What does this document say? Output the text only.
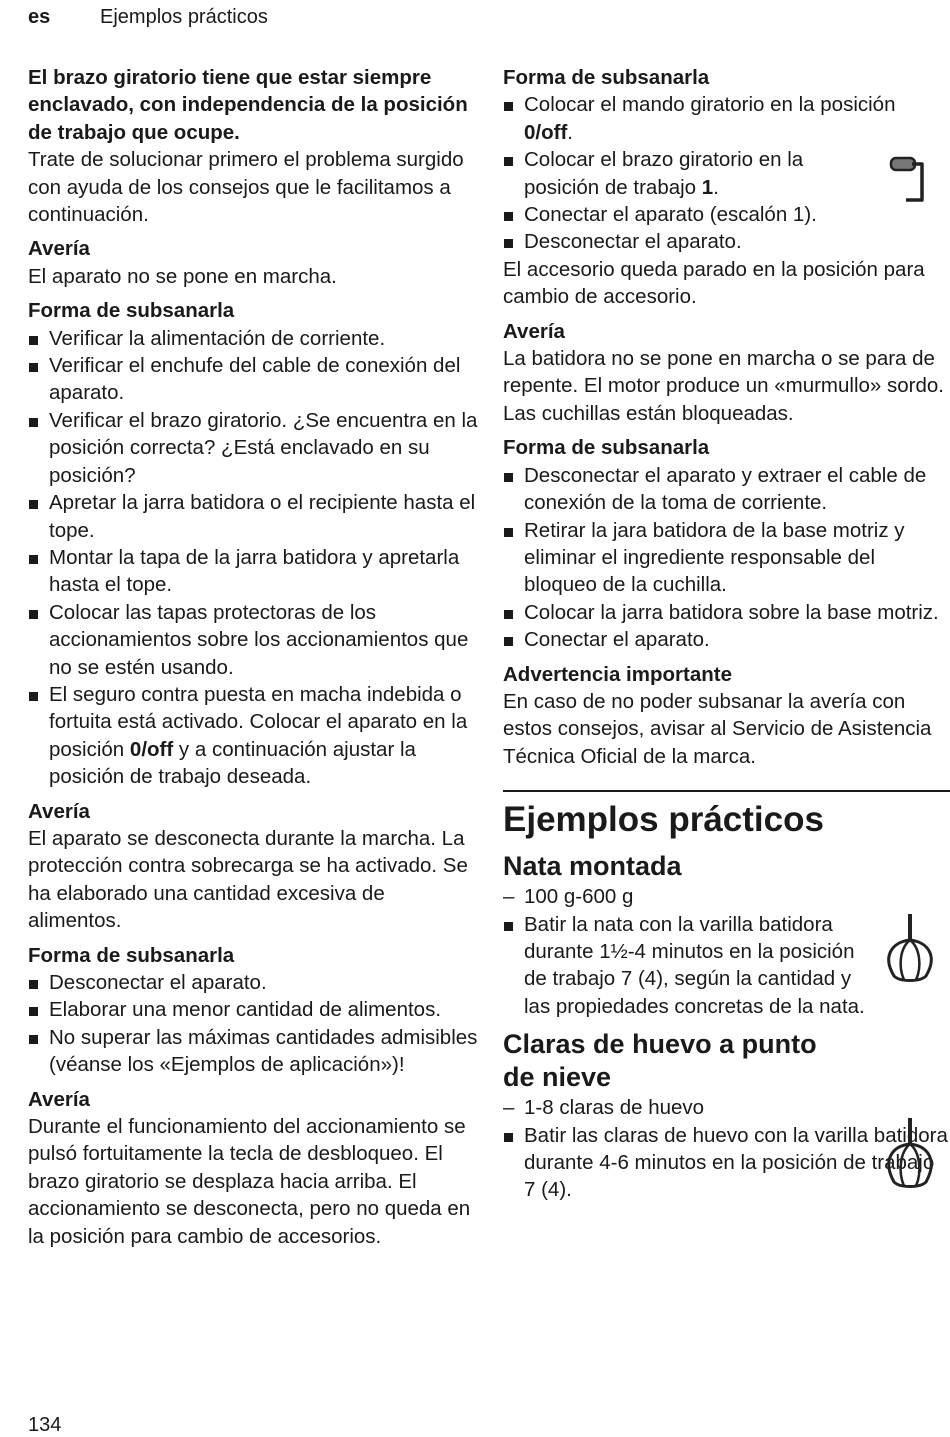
es Ejemplos prácticos

El brazo giratorio tiene que estar siempre enclavado, con independencia de la posición de trabajo que ocupe.

Trate de solucionar primero el problema surgido con ayuda de los consejos que le facilitamos a continuación.

Avería

El aparato no se pone en marcha.

Forma de subsanarla

Verificar la alimentación de corriente.
Verificar el enchufe del cable de conexión del aparato.
Verificar el brazo giratorio. ¿Se encuentra en la posición correcta? ¿Está enclavado en su posición?
Apretar la jarra batidora o el recipiente hasta el tope.
Montar la tapa de la jarra batidora y apretarla hasta el tope.
Colocar las tapas protectoras de los accionamientos sobre los accionamientos que no se estén usando.
El seguro contra puesta en macha indebida o fortuita está activado. Colocar el aparato en la posición 0/off y a continuación ajustar la posición de trabajo deseada.

Avería

El aparato se desconecta durante la marcha. La protección contra sobrecarga se ha activado. Se ha elaborado una cantidad excesiva de alimentos.

Forma de subsanarla

Desconectar el aparato.
Elaborar una menor cantidad de alimentos.
No superar las máximas cantidades admisibles (véanse los «Ejemplos de aplicación»)!

Avería

Durante el funcionamiento del accionamiento se pulsó fortuitamente la tecla de desbloqueo. El brazo giratorio se desplaza hacia arriba. El accionamiento se desconecta, pero no queda en la posición para cambio de accesorios.

Forma de subsanarla

Colocar el mando giratorio en la posición 0/off.
Colocar el brazo giratorio en la posición de trabajo 1.
Conectar el aparato (escalón 1).
Desconectar el aparato.

El accesorio queda parado en la posición para cambio de accesorio.

Avería

La batidora no se pone en marcha o se para de repente. El motor produce un «murmullo» sordo. Las cuchillas están bloqueadas.

Forma de subsanarla

Desconectar el aparato y extraer el cable de conexión de la toma de corriente.
Retirar la jara batidora de la base motriz y eliminar el ingrediente responsable del bloqueo de la cuchilla.
Colocar la jarra batidora sobre la base motriz.
Conectar el aparato.

Advertencia importante

En caso de no poder subsanar la avería con estos consejos, avisar al Servicio de Asistencia Técnica Oficial de la marca.

Ejemplos prácticos

Nata montada

– 100 g-600 g
Batir la nata con la varilla batidora durante 1½-4 minutos en la posición de trabajo 7 (4), según la cantidad y las propiedades concretas de la nata.

Claras de huevo a punto de nieve

– 1-8 claras de huevo
Batir las claras de huevo con la varilla batidora durante 4-6 minutos en la posición de trabajo 7 (4).
134
